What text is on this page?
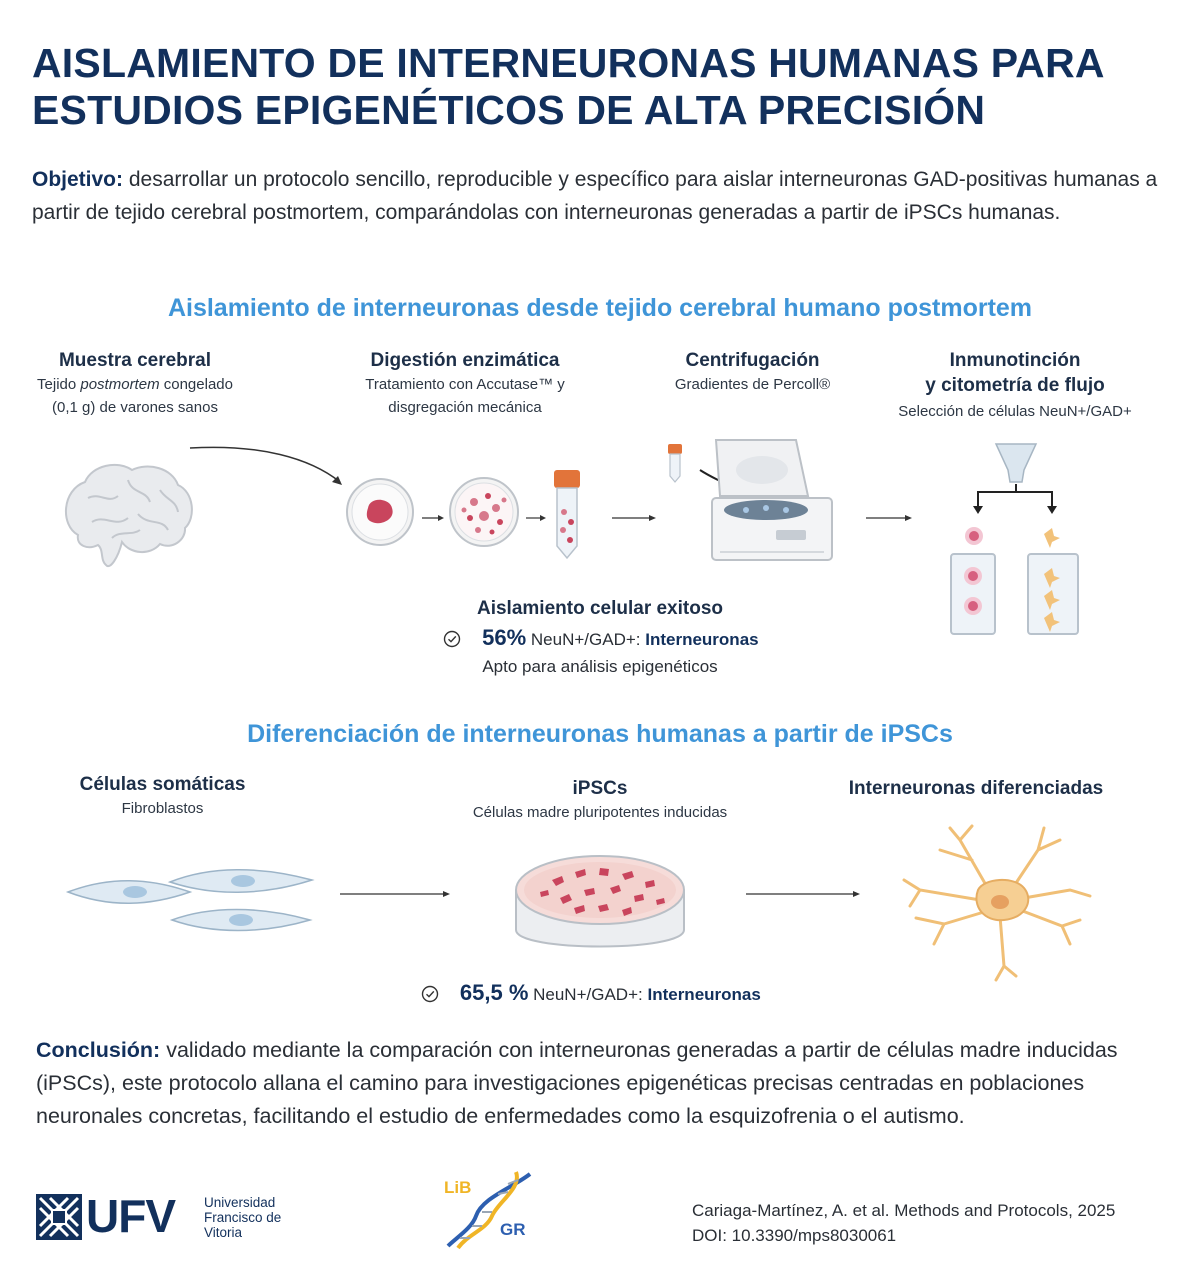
AISLAMIENTO DE INTERNEURONAS HUMANAS PARA
ESTUDIOS EPIGENÉTICOS DE ALTA PRECISIÓN
Objetivo: desarrollar un protocolo sencillo, reproducible y específico para aislar interneuronas GAD-positivas humanas a partir de tejido cerebral postmortem, comparándolas con interneuronas generadas a partir de iPSCs humanas.
Aislamiento de interneuronas desde tejido cerebral humano postmortem
Muestra cerebral
Tejido postmortem congelado
(0,1 g) de varones sanos
Digestión enzimática
Tratamiento con Accutase™ y
disgregación mecánica
Centrifugación
Gradientes de Percoll®
Inmunotinción
y citometría de flujo
Selección de células NeuN+/GAD+
Aislamiento celular exitoso
56% NeuN+/GAD+: Interneuronas
Apto para análisis epigenéticos
Diferenciación de interneuronas humanas a partir de iPSCs
Células somáticas
Fibroblastos
iPSCs
Células madre pluripotentes inducidas
Interneuronas diferenciadas
65,5 % NeuN+/GAD+: Interneuronas
Conclusión: validado mediante la comparación con interneuronas generadas a partir de células madre inducidas (iPSCs), este protocolo allana el camino para investigaciones epigenéticas precisas centradas en poblaciones neuronales concretas, facilitando el estudio de enfermedades como la esquizofrenia o el autismo.
UFV Universidad
Francisco de
Vitoria
LiB
GR
Cariaga-Martínez, A. et al. Methods and Protocols, 2025
DOI: 10.3390/mps8030061
